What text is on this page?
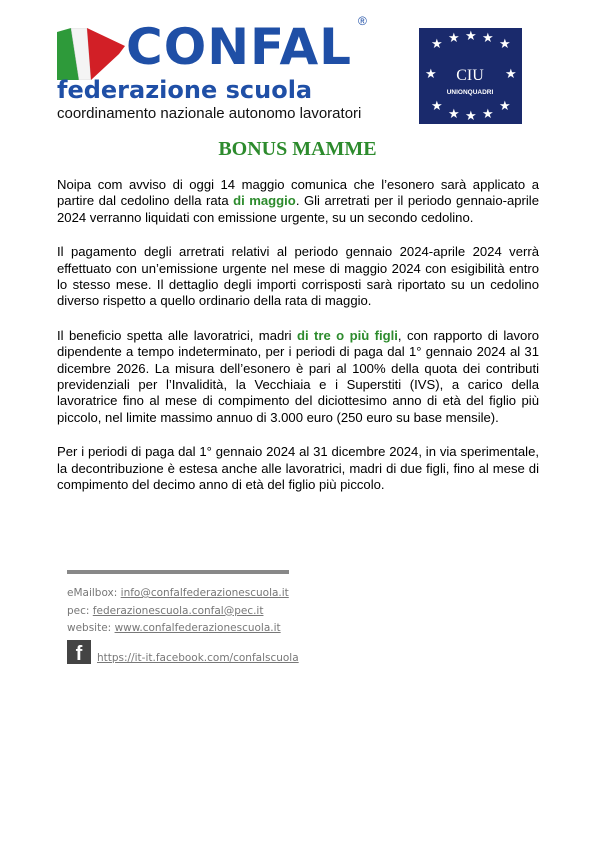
CONFAL ®
federazione scuola
coordinamento nazionale autonomo lavoratori
★ ★ ★ ★ ★
★	★
★
★ ★ ★
★
CIU
UNIONQUADRI
BONUS MAMME

Noipa com avviso di oggi 14 maggio comunica che l’esonero sarà applicato a partire dal cedolino della rata di maggio. Gli arretrati per il periodo gennaio-aprile 2024 verranno liquidati con emissione urgente, su un secondo cedolino.

Il pagamento degli arretrati relativi al periodo gennaio 2024-aprile 2024 verrà effettuato con un’emissione urgente nel mese di maggio 2024 con esigibilità entro lo stesso mese. Il dettaglio degli importi corrisposti sarà riportato su un cedolino diverso rispetto a quello ordinario della rata di maggio.

Il beneficio spetta alle lavoratrici, madri di tre o più figli, con rapporto di lavoro dipendente a tempo indeterminato, per i periodi di paga dal 1° gennaio 2024 al 31 dicembre 2026. La misura dell’esonero è pari al 100% della quota dei contributi previdenziali per l’Invalidità, la Vecchiaia e i Superstiti (IVS), a carico della lavoratrice fino al mese di compimento del diciottesimo anno di età del figlio più piccolo, nel limite massimo annuo di 3.000 euro (250 euro su base mensile).

Per i periodi di paga dal 1° gennaio 2024 al 31 dicembre 2024, in via sperimentale, la decontribuzione è estesa anche alle lavoratrici, madri di due figli, fino al mese di compimento del decimo anno di età del figlio più piccolo.

eMailbox: info@confalfederazionescuola.it
pec: federazionescuola.confal@pec.it
website: www.confalfederazionescuola.it
f	https://it-it.facebook.com/confalscuola
